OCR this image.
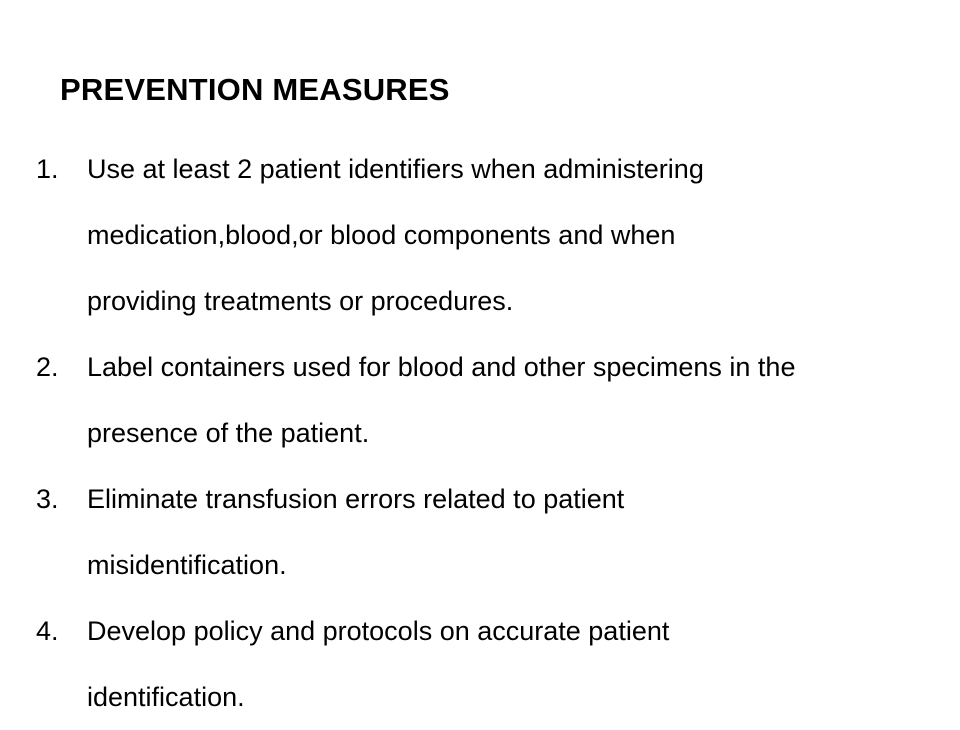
PREVENTION MEASURES
1.	Use at least 2 patient identifiers when administering
medication,blood,or blood components and when
providing treatments or procedures.
2.	Label containers used for blood and other specimens in the
presence of the patient.
3.	Eliminate transfusion errors related to patient
misidentification.
4.	Develop policy and protocols on accurate patient
identification.
